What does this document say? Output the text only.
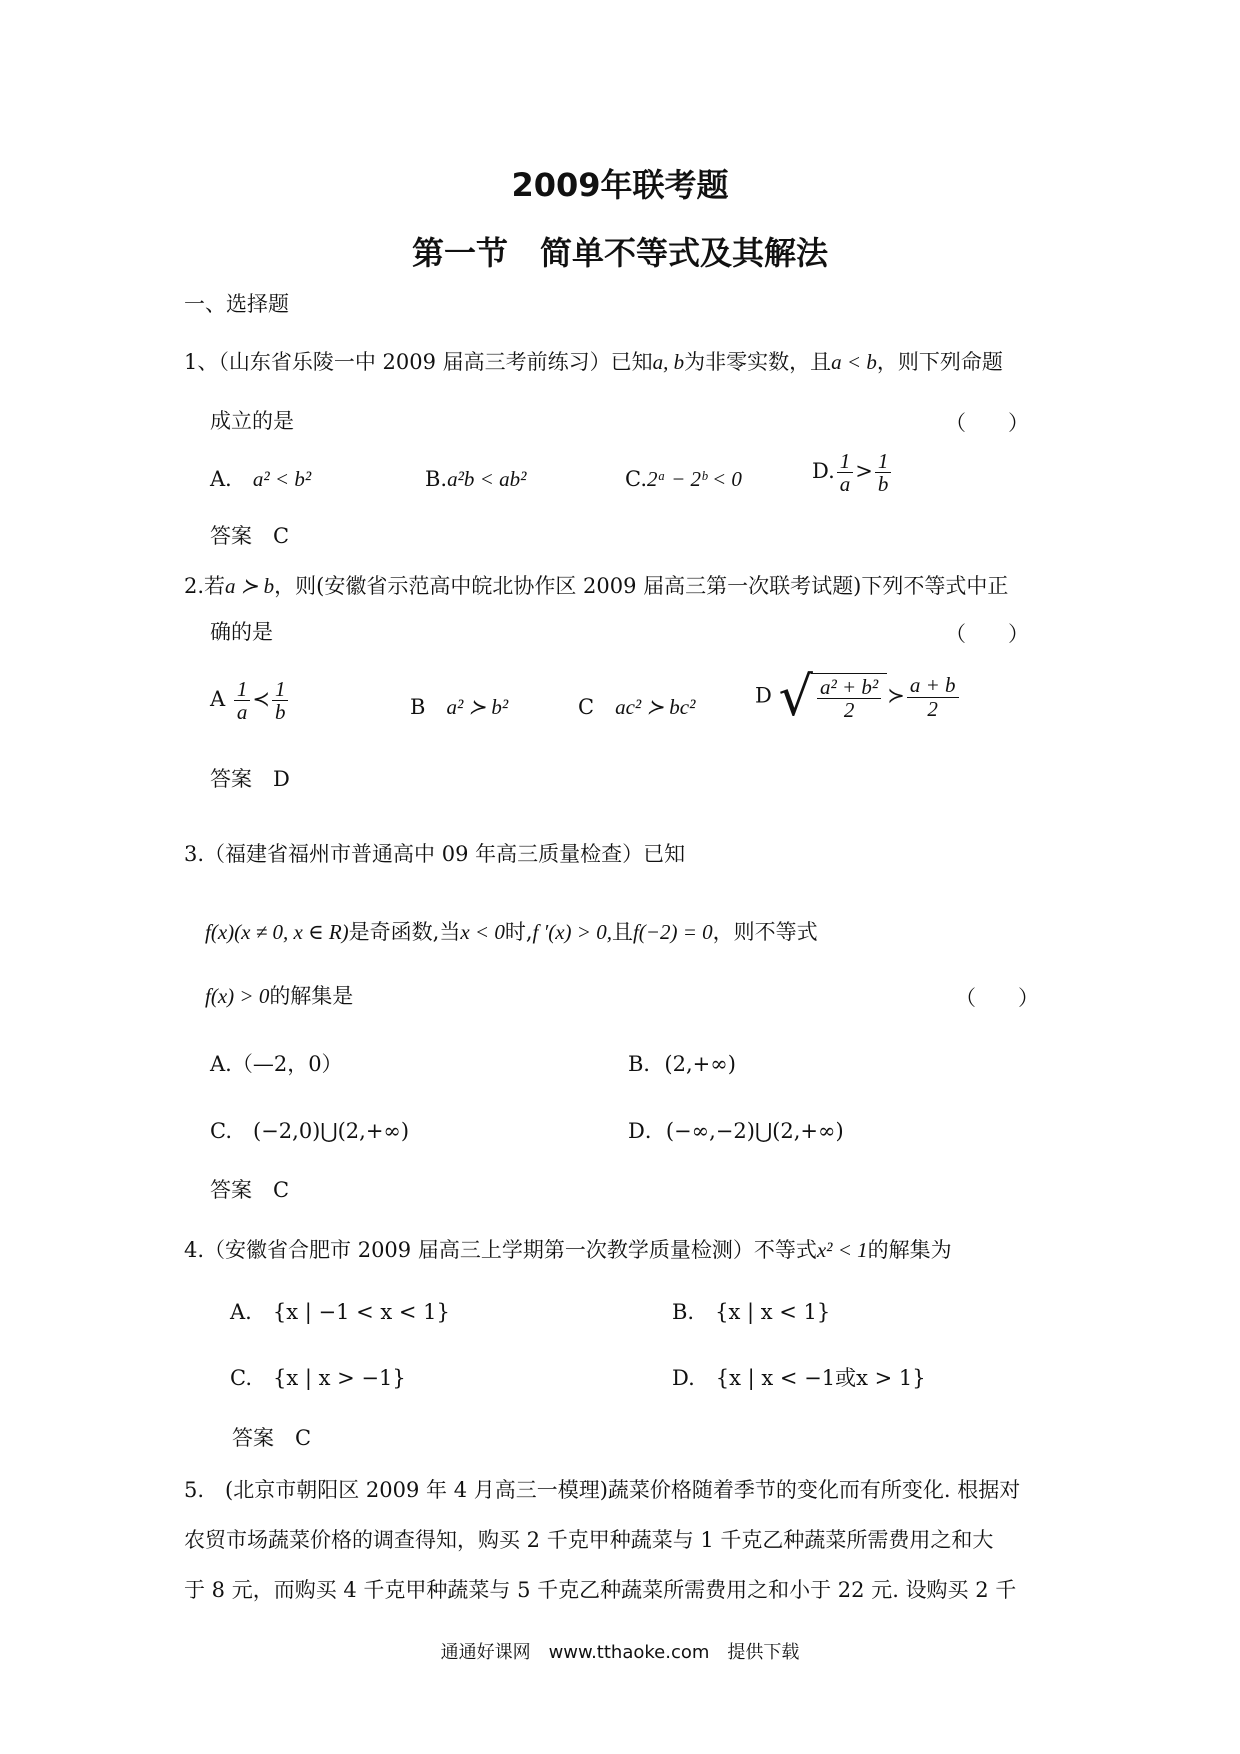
2009年联考题
第一节　简单不等式及其解法
一、选择题
1、（山东省乐陵一中 2009 届高三考前练习）已知a, b为非零实数，且a < b，则下列命题
成立的是	（　　）
A． a² < b²	B.a²b < ab²	C.2ᵃ − 2ᵇ < 0	D. $\frac{1}{a} > \frac{1}{b}$
答案　 C
2.若a ≻ b，则(安徽省示范高中皖北协作区 2009 届高三第一次联考试题)下列不等式中正
确的是	（　　）
A $\frac{1}{a}$ ≺ $\frac{1}{b}$	B　 a² ≻ b²	C　 ac² ≻ bc²	D √ $\frac{\text{a² + b²}}{2}$ ≻ $\frac{a + b}{2}$
答案　 D
3.（福建省福州市普通高中 09 年高三质量检查）已知
f(x)(x ≠ 0, x ∈ R)是奇函数,当x < 0时,f ′(x) > 0,且f(−2) = 0，则不等式
f(x) > 0的解集是	（　　）
A.（—2，0）	B．(2,+∞)
C.　(−2,0)⋃(2,+∞)	D．(−∞,−2)⋃(2,+∞)
答案　 C
4.（安徽省合肥市 2009 届高三上学期第一次教学质量检测）不等式x² < 1的解集为
A.　{x | −1 < x < 1}	B.　{x | x < 1}
C.　{x | x > −1}	D.　{x | x < −1或x > 1}
答案　 C
5.　(北京市朝阳区 2009 年 4 月高三一模理)蔬菜价格随着季节的变化而有所变化. 根据对
农贸市场蔬菜价格的调查得知，购买 2 千克甲种蔬菜与 1 千克乙种蔬菜所需费用之和大
于 8 元，而购买 4 千克甲种蔬菜与 5 千克乙种蔬菜所需费用之和小于 22 元. 设购买 2 千
通通好课网　www.tthaoke.com　提供下载
